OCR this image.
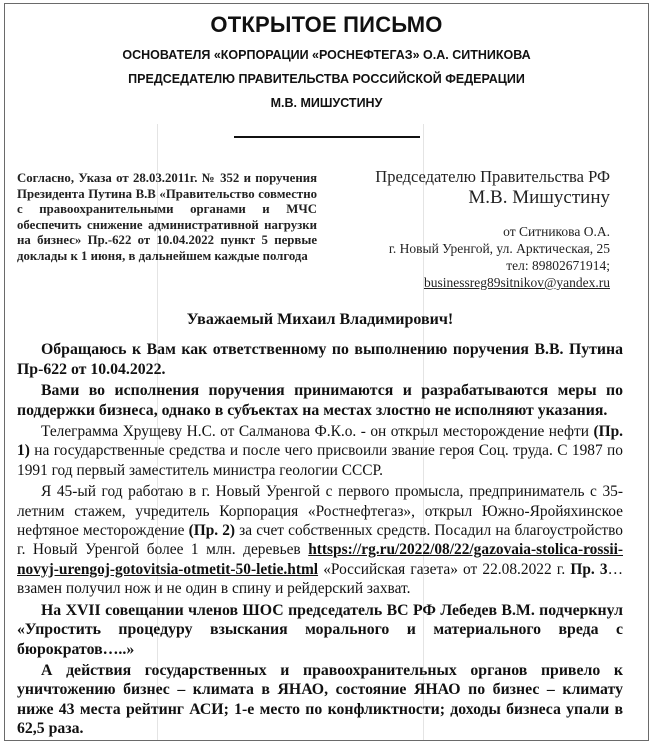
ОТКРЫТОЕ ПИСЬМО
ОСНОВАТЕЛЯ «КОРПОРАЦИИ «РОСНЕФТЕГАЗ» О.А. СИТНИКОВА
ПРЕДСЕДАТЕЛЮ ПРАВИТЕЛЬСТВА РОССИЙСКОЙ ФЕДЕРАЦИИ
М.В. МИШУСТИНУ
Согласно, Указа от 28.03.2011г. № 352 и поручения Президента Путина В.В «Правительство совместно с правоохранительными органами и МЧС обеспечить снижение административной нагрузки на бизнес» Пр.-622 от 10.04.2022 пункт 5 первые доклады к 1 июня, в дальнейшем каждые полгода
Председателю Правительства РФ
М.В. Мишустину
от Ситникова О.А.
г. Новый Уренгой, ул. Арктическая, 25
тел: 89802671914;
businessreg89sitnikov@yandex.ru
Уважаемый Михаил Владимирович!
Обращаюсь к Вам как ответственному по выполнению поручения В.В. Путина Пр-622 от 10.04.2022.
Вами во исполнения поручения принимаются и разрабатываются меры по поддержки бизнеса, однако в субъектах на местах злостно не исполняют указания.
Телеграмма Хрущеву Н.С. от Салманова Ф.К.о. - он открыл месторождение нефти (Пр. 1) на государственные средства и после чего присвоили звание героя Соц. труда. С 1987 по 1991 год первый заместитель министра геологии СССР.
Я 45-ый год работаю в г. Новый Уренгой с первого промысла, предприниматель с 35- летним стажем, учредитель Корпорация «Ростнефтегаз», открыл Южно-Яройяхинское нефтяное месторождение (Пр. 2) за счет собственных средств. Посадил на благоустройство г. Новый Уренгой более 1 млн. деревьев httsps://rg.ru/2022/08/22/gazovaia-stolica-rossii-novyj-urengoj-gotovitsia-otmetit-50-letie.html «Российская газета» от 22.08.2022 г. Пр. 3… взамен получил нож и не один в спину и рейдерский захват.
На XVII совещании членов ШОС председатель ВС РФ Лебедев В.М. подчеркнул «Упростить процедуру взыскания морального и материального вреда с бюрократов…..»
А действия государственных и правоохранительных органов привело к уничтожению бизнес – климата в ЯНАО, состояние ЯНАО по бизнес – климату ниже 43 места рейтинг АСИ; 1-е место по конфликтности; доходы бизнеса упали в 62,5 раза.
